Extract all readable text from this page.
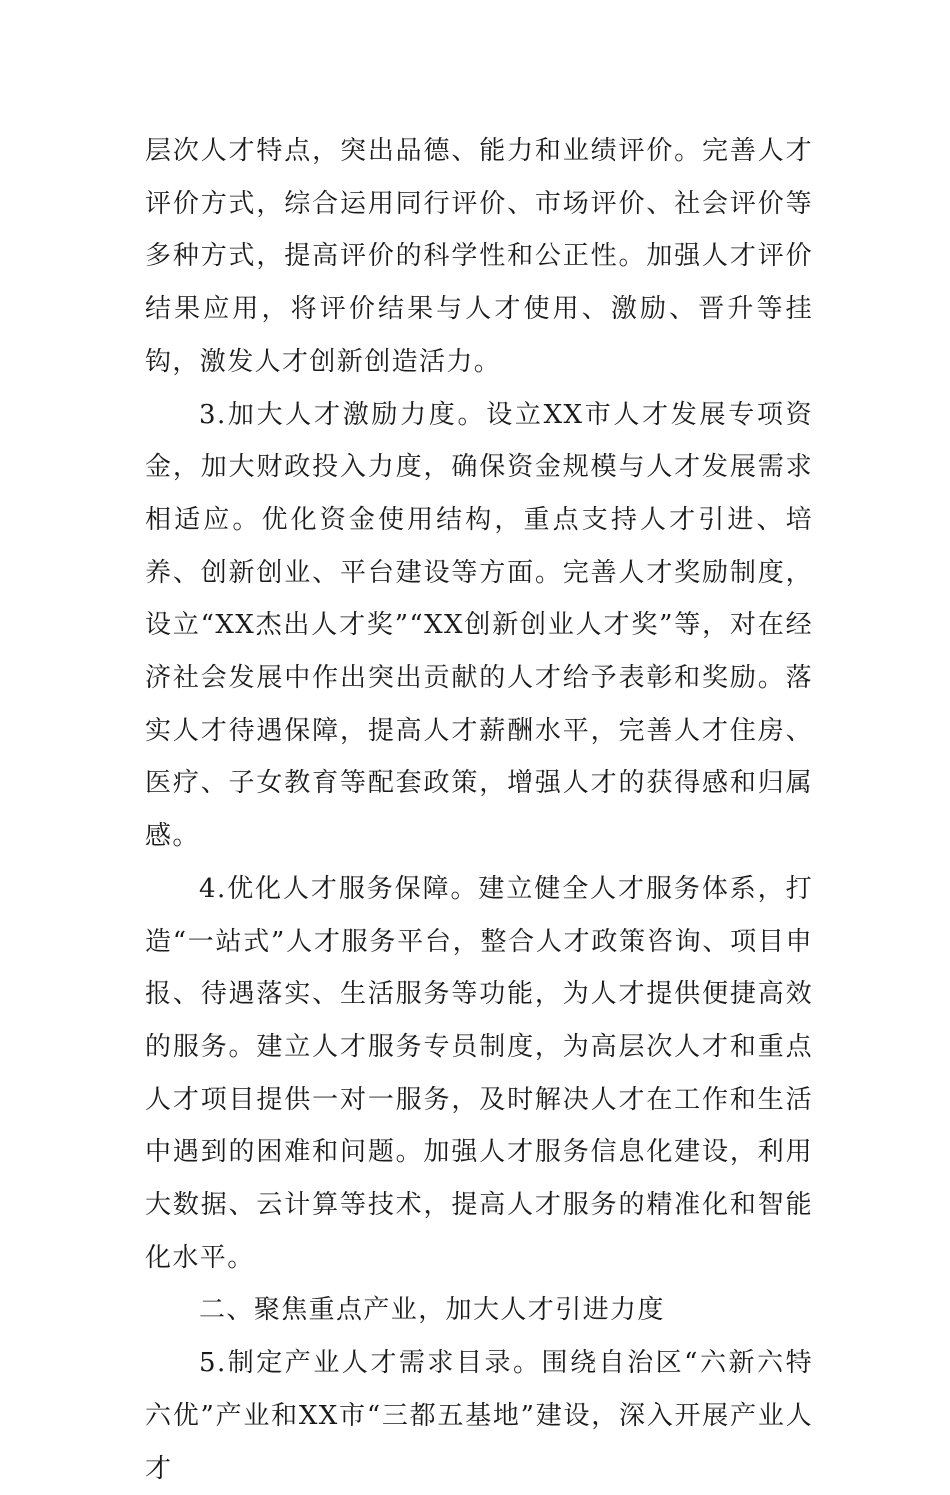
层次人才特点，突出品德、能力和业绩评价。完善人才评价方式，综合运用同行评价、市场评价、社会评价等多种方式，提高评价的科学性和公正性。加强人才评价结果应用，将评价结果与人才使用、激励、晋升等挂钩，激发人才创新创造活力。

3.加大人才激励力度。设立XX市人才发展专项资金，加大财政投入力度，确保资金规模与人才发展需求相适应。优化资金使用结构，重点支持人才引进、培养、创新创业、平台建设等方面。完善人才奖励制度，设立“XX杰出人才奖”“XX创新创业人才奖”等，对在经济社会发展中作出突出贡献的人才给予表彰和奖励。落实人才待遇保障，提高人才薪酬水平，完善人才住房、医疗、子女教育等配套政策，增强人才的获得感和归属感。

4.优化人才服务保障。建立健全人才服务体系，打造“一站式”人才服务平台，整合人才政策咨询、项目申报、待遇落实、生活服务等功能，为人才提供便捷高效的服务。建立人才服务专员制度，为高层次人才和重点人才项目提供一对一服务，及时解决人才在工作和生活中遇到的困难和问题。加强人才服务信息化建设，利用大数据、云计算等技术，提高人才服务的精准化和智能化水平。

二、聚焦重点产业，加大人才引进力度

5.制定产业人才需求目录。围绕自治区“六新六特六优”产业和XX市“三都五基地”建设，深入开展产业人才
